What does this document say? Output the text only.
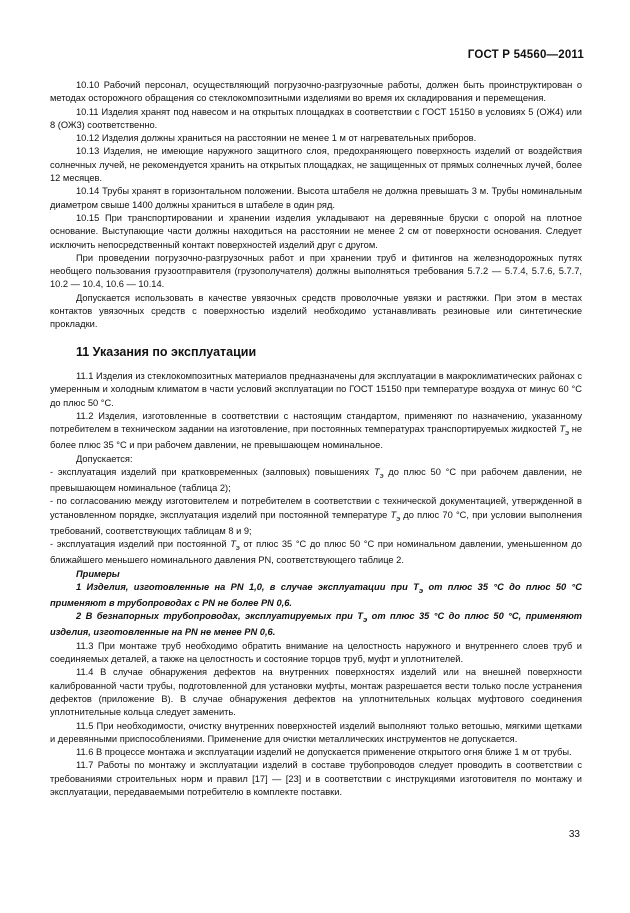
ГОСТ Р 54560—2011

10.10 Рабочий персонал, осуществляющий погрузочно-разгрузочные работы, должен быть проинструктирован о методах осторожного обращения со стеклокомпозитными изделиями во время их складирования и перемещения.

10.11 Изделия хранят под навесом и на открытых площадках в соответствии с ГОСТ 15150 в условиях 5 (ОЖ4) или 8 (ОЖ3) соответственно.

10.12 Изделия должны храниться на расстоянии не менее 1 м от нагревательных приборов.

10.13 Изделия, не имеющие наружного защитного слоя, предохраняющего поверхность изделий от воздействия солнечных лучей, не рекомендуется хранить на открытых площадках, не защищенных от прямых солнечных лучей, более 12 месяцев.

10.14 Трубы хранят в горизонтальном положении. Высота штабеля не должна превышать 3 м. Трубы номинальным диаметром свыше 1400 должны храниться в штабеле в один ряд.

10.15 При транспортировании и хранении изделия укладывают на деревянные бруски с опорой на плотное основание. Выступающие части должны находиться на расстоянии не менее 2 см от поверхности основания. Следует исключить непосредственный контакт поверхностей изделий друг с другом.

При проведении погрузочно-разгрузочных работ и при хранении труб и фитингов на железнодорожных путях необщего пользования грузоотправителя (грузополучателя) должны выполняться требования 5.7.2 — 5.7.4, 5.7.6, 5.7.7, 10.2 — 10.4, 10.6 — 10.14.

Допускается использовать в качестве увязочных средств проволочные увязки и растяжки. При этом в местах контактов увязочных средств с поверхностью изделий необходимо устанавливать резиновые или синтетические прокладки.

11 Указания по эксплуатации

11.1 Изделия из стеклокомпозитных материалов предназначены для эксплуатации в макроклиматических районах с умеренным и холодным климатом в части условий эксплуатации по ГОСТ 15150 при температуре воздуха от минус 60 °С до плюс 50 °С.

11.2 Изделия, изготовленные в соответствии с настоящим стандартом, применяют по назначению, указанному потребителем в техническом задании на изготовление, при постоянных температурах транспортируемых жидкостей $T_э$ не более плюс 35 °С и при рабочем давлении, не превышающем номинальное.

Допускается:

- эксплуатация изделий при кратковременных (залповых) повышениях $T_э$ до плюс 50 °С при рабочем давлении, не превышающем номинальное (таблица 2);

- по согласованию между изготовителем и потребителем в соответствии с технической документацией, утвержденной в установленном порядке, эксплуатация изделий при постоянной температуре $T_э$ до плюс 70 °С, при условии выполнения требований, соответствующих таблицам 8 и 9;

- эксплуатация изделий при постоянной $T_э$ от плюс 35 °С до плюс 50 °С при номинальном давлении, уменьшенном до ближайшего меньшего номинального давления PN, соответствующего таблице 2.

Примеры

1 Изделия, изготовленные на PN 1,0, в случае эксплуатации при $T_э$ от плюс 35 °С до плюс 50 °С применяют в трубопроводах с PN не более PN 0,6.

2 В безнапорных трубопроводах, эксплуатируемых при $T_э$ от плюс 35 °С до плюс 50 °С, применяют изделия, изготовленные на PN не менее PN 0,6.

11.3 При монтаже труб необходимо обратить внимание на целостность наружного и внутреннего слоев труб и соединяемых деталей, а также на целостность и состояние торцов труб, муфт и уплотнителей.

11.4 В случае обнаружения дефектов на внутренних поверхностях изделий или на внешней поверхности калиброванной части трубы, подготовленной для установки муфты, монтаж разрешается вести только после устранения дефектов (приложение В). В случае обнаружения дефектов на уплотнительных кольцах муфтового соединения уплотнительные кольца следует заменить.

11.5 При необходимости, очистку внутренних поверхностей изделий выполняют только ветошью, мягкими щетками и деревянными приспособлениями. Применение для очистки металлических инструментов не допускается.

11.6 В процессе монтажа и эксплуатации изделий не допускается применение открытого огня ближе 1 м от трубы.

11.7 Работы по монтажу и эксплуатации изделий в составе трубопроводов следует проводить в соответствии с требованиями строительных норм и правил [17] — [23] и в соответствии с инструкциями изготовителя по монтажу и эксплуатации, передаваемыми потребителю в комплекте поставки.

33
